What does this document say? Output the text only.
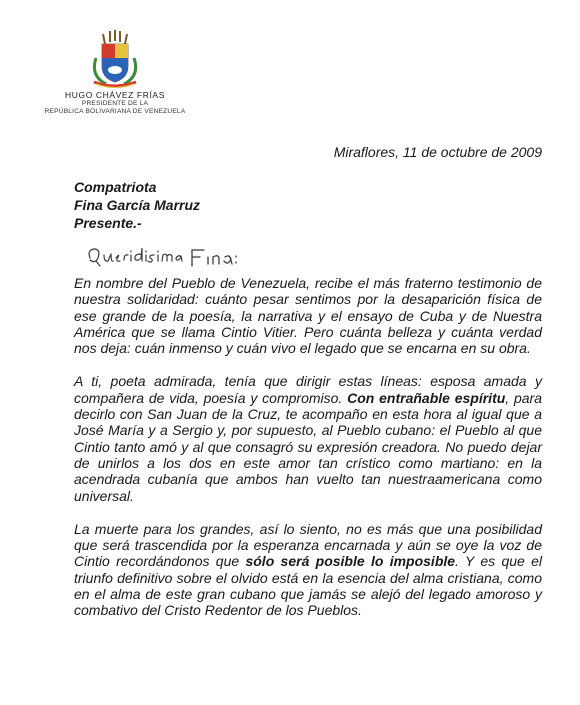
HUGO CHÁVEZ FRÍAS
PRESIDENTE DE LA
REPÚBLICA BOLIVARIANA DE VENEZUELA
Miraflores, 11 de octubre de 2009
Compatriota
Fina García Marruz
Presente.-

En nombre del Pueblo de Venezuela, recibe el más fraterno testimonio de nuestra solidaridad: cuánto pesar sentimos por la desaparición física de ese grande de la poesía, la narrativa y el ensayo de Cuba y de Nuestra América que se llama Cintio Vitier. Pero cuánta belleza y cuánta verdad nos deja: cuán inmenso y cuán vivo el legado que se encarna en su obra.

A ti, poeta admirada, tenía que dirigir estas líneas: esposa amada y compañera de vida, poesía y compromiso. Con entrañable espíritu, para decirlo con San Juan de la Cruz, te acompaño en esta hora al igual que a José María y a Sergio y, por supuesto, al Pueblo cubano: el Pueblo al que Cintio tanto amó y al que consagró su expresión creadora. No puedo dejar de unirlos a los dos en este amor tan crístico como martiano: en la acendrada cubanía que ambos han vuelto tan nuestraamericana como universal.

La muerte para los grandes, así lo siento, no es más que una posibilidad que será trascendida por la esperanza encarnada y aún se oye la voz de Cintio recordándonos que sólo será posible lo imposible. Y es que el triunfo definitivo sobre el olvido está en la esencia del alma cristiana, como en el alma de este gran cubano que jamás se alejó del legado amoroso y combativo del Cristo Redentor de los Pueblos.
